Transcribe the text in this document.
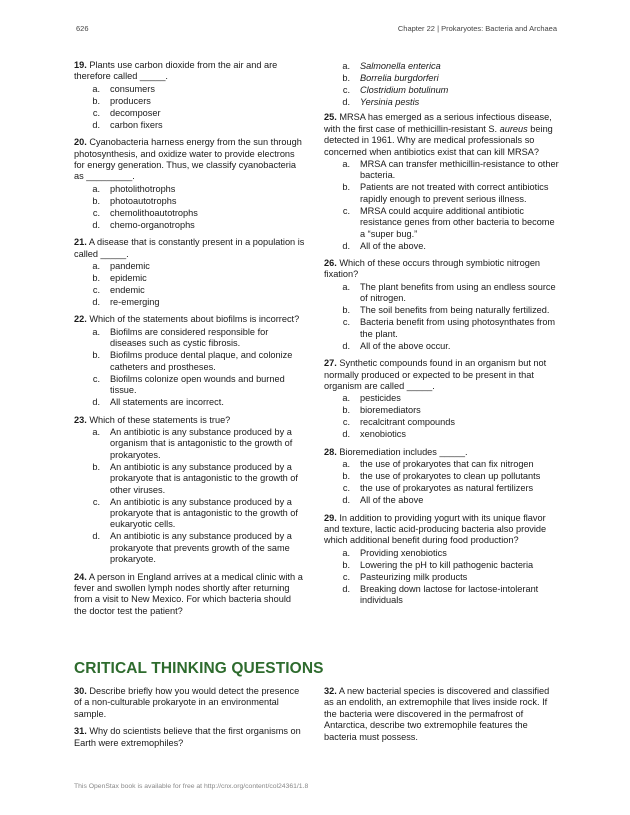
626	Chapter 22 | Prokaryotes: Bacteria and Archaea
19. Plants use carbon dioxide from the air and are therefore called _____.
a.	consumers
b.	producers
c.	decomposer
d.	carbon fixers
20. Cyanobacteria harness energy from the sun through photosynthesis, and oxidize water to provide electrons for energy generation. Thus, we classify cyanobacteria as _________.
a.	photolithotrophs
b.	photoautotrophs
c.	chemolithoautotrophs
d.	chemo-organotrophs
21. A disease that is constantly present in a population is called _____.
a.	pandemic
b.	epidemic
c.	endemic
d.	re-emerging
22. Which of the statements about biofilms is incorrect?
a.	Biofilms are considered responsible for diseases such as cystic fibrosis.
b.	Biofilms produce dental plaque, and colonize catheters and prostheses.
c.	Biofilms colonize open wounds and burned tissue.
d.	All statements are incorrect.
23. Which of these statements is true?
a.	An antibiotic is any substance produced by a organism that is antagonistic to the growth of prokaryotes.
b.	An antibiotic is any substance produced by a prokaryote that is antagonistic to the growth of other viruses.
c.	An antibiotic is any substance produced by a prokaryote that is antagonistic to the growth of eukaryotic cells.
d.	An antibiotic is any substance produced by a prokaryote that prevents growth of the same prokaryote.
24. A person in England arrives at a medical clinic with a fever and swollen lymph nodes shortly after returning from a visit to New Mexico. For which bacteria should the doctor test the patient?
a.	Salmonella enterica
b.	Borrelia burgdorferi
c.	Clostridium botulinum
d.	Yersinia pestis
25. MRSA has emerged as a serious infectious disease, with the first case of methicillin-resistant S. aureus being detected in 1961. Why are medical professionals so concerned when antibiotics exist that can kill MRSA?
a.	MRSA can transfer methicillin-resistance to other bacteria.
b.	Patients are not treated with correct antibiotics rapidly enough to prevent serious illness.
c.	MRSA could acquire additional antibiotic resistance genes from other bacteria to become a “super bug.”
d.	All of the above.
26. Which of these occurs through symbiotic nitrogen fixation?
a.	The plant benefits from using an endless source of nitrogen.
b.	The soil benefits from being naturally fertilized.
c.	Bacteria benefit from using photosynthates from the plant.
d.	All of the above occur.
27. Synthetic compounds found in an organism but not normally produced or expected to be present in that organism are called _____.
a.	pesticides
b.	bioremediators
c.	recalcitrant compounds
d.	xenobiotics
28. Bioremediation includes _____.
a.	the use of prokaryotes that can fix nitrogen
b.	the use of prokaryotes to clean up pollutants
c.	the use of prokaryotes as natural fertilizers
d.	All of the above
29. In addition to providing yogurt with its unique flavor and texture, lactic acid-producing bacteria also provide which additional benefit during food production?
a.	Providing xenobiotics
b.	Lowering the pH to kill pathogenic bacteria
c.	Pasteurizing milk products
d.	Breaking down lactose for lactose-intolerant individuals
CRITICAL THINKING QUESTIONS
30. Describe briefly how you would detect the presence of a non-culturable prokaryote in an environmental sample.
31. Why do scientists believe that the first organisms on Earth were extremophiles?
32. A new bacterial species is discovered and classified as an endolith, an extremophile that lives inside rock. If the bacteria were discovered in the permafrost of Antarctica, describe two extremophile features the bacteria must possess.
This OpenStax book is available for free at http://cnx.org/content/col24361/1.8
